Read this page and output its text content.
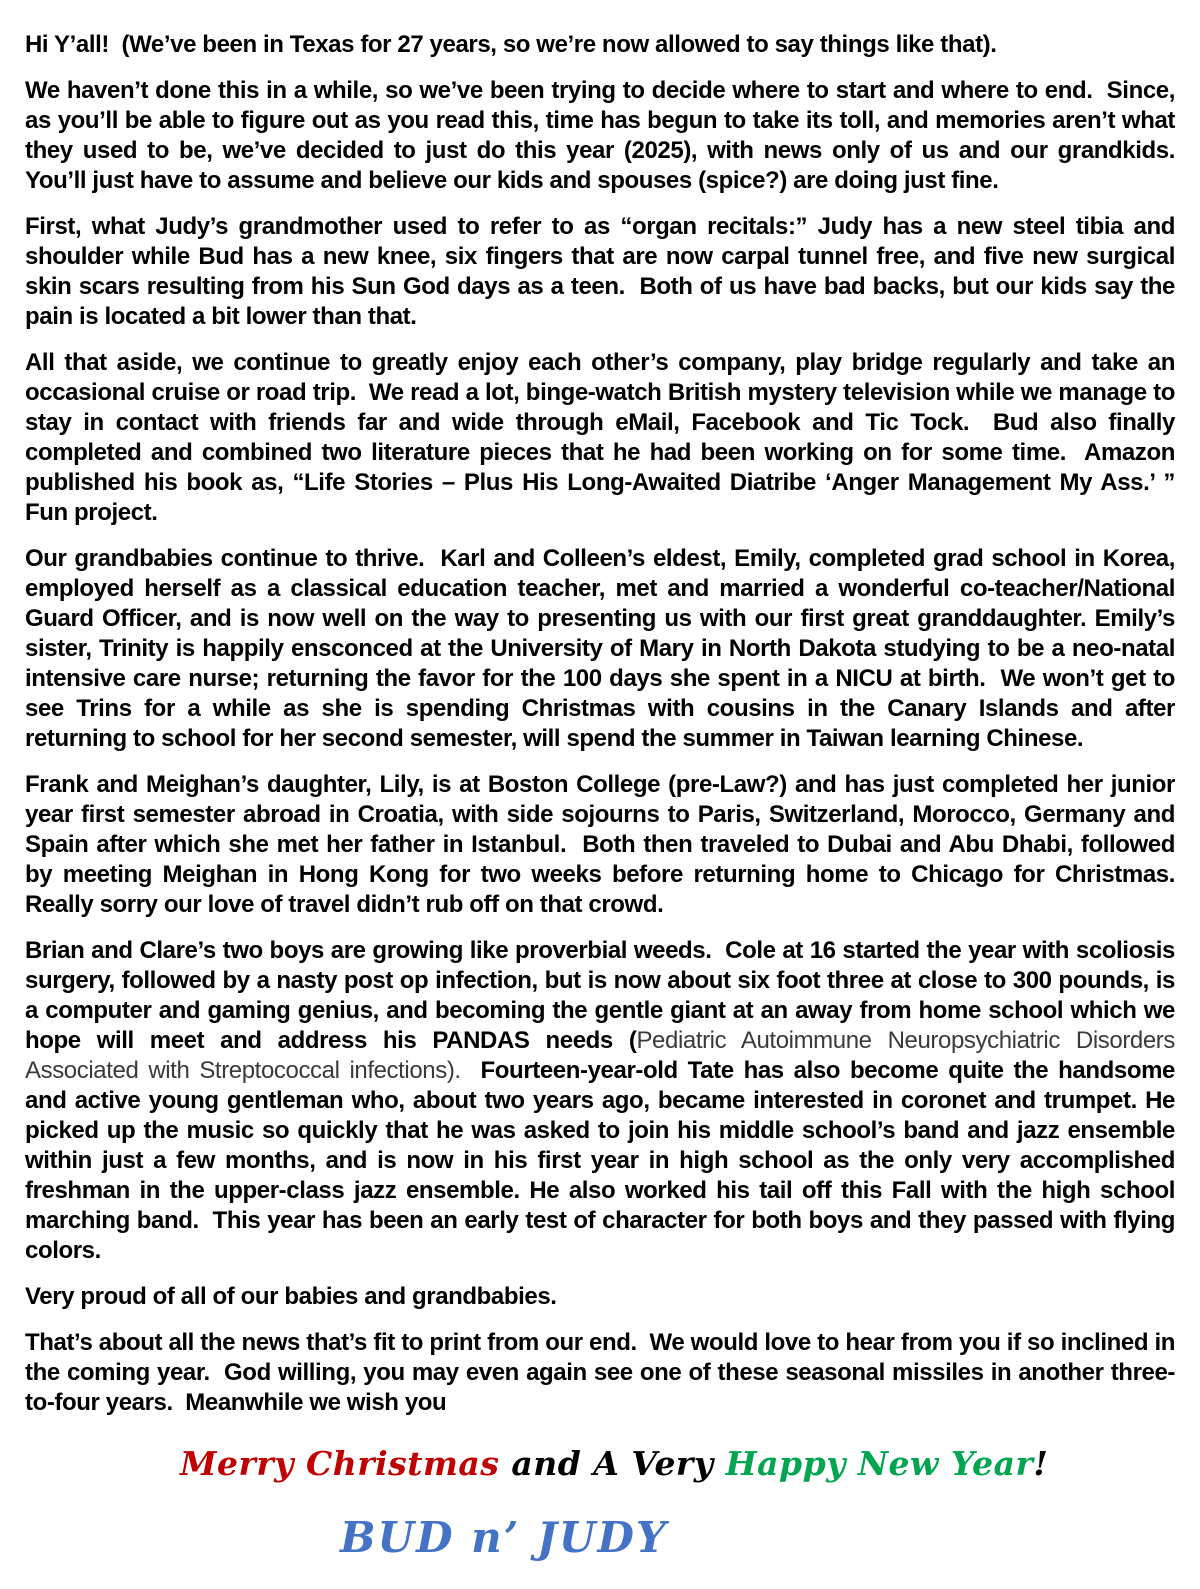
Hi Y’all!  (We’ve been in Texas for 27 years, so we’re now allowed to say things like that).

We haven’t done this in a while, so we’ve been trying to decide where to start and where to end.  Since, as you’ll be able to figure out as you read this, time has begun to take its toll, and memories aren’t what they used to be, we’ve decided to just do this year (2025), with news only of us and our grandkids.  You’ll just have to assume and believe our kids and spouses (spice?) are doing just fine.

First, what Judy’s grandmother used to refer to as “organ recitals:” Judy has a new steel tibia and shoulder while Bud has a new knee, six fingers that are now carpal tunnel free, and five new surgical skin scars resulting from his Sun God days as a teen.  Both of us have bad backs, but our kids say the pain is located a bit lower than that.

All that aside, we continue to greatly enjoy each other’s company, play bridge regularly and take an occasional cruise or road trip.  We read a lot, binge-watch British mystery television while we manage to stay in contact with friends far and wide through eMail, Facebook and Tic Tock.  Bud also finally completed and combined two literature pieces that he had been working on for some time.  Amazon published his book as, “Life Stories – Plus His Long-Awaited Diatribe ‘Anger Management My Ass.’ ”  Fun project.

Our grandbabies continue to thrive.  Karl and Colleen’s eldest, Emily, completed grad school in Korea, employed herself as a classical education teacher, met and married a wonderful co-teacher/National Guard Officer, and is now well on the way to presenting us with our first great granddaughter. Emily’s sister, Trinity is happily ensconced at the University of Mary in North Dakota studying to be a neo-natal intensive care nurse; returning the favor for the 100 days she spent in a NICU at birth.  We won’t get to see Trins for a while as she is spending Christmas with cousins in the Canary Islands and after returning to school for her second semester, will spend the summer in Taiwan learning Chinese.

Frank and Meighan’s daughter, Lily, is at Boston College (pre-Law?) and has just completed her junior year first semester abroad in Croatia, with side sojourns to Paris, Switzerland, Morocco, Germany and Spain after which she met her father in Istanbul.  Both then traveled to Dubai and Abu Dhabi, followed by meeting Meighan in Hong Kong for two weeks before returning home to Chicago for Christmas.  Really sorry our love of travel didn’t rub off on that crowd.

Brian and Clare’s two boys are growing like proverbial weeds.  Cole at 16 started the year with scoliosis surgery, followed by a nasty post op infection, but is now about six foot three at close to 300 pounds, is a computer and gaming genius, and becoming the gentle giant at an away from home school which we hope will meet and address his PANDAS needs (Pediatric Autoimmune Neuropsychiatric Disorders Associated with Streptococcal infections).  Fourteen-year-old Tate has also become quite the handsome and active young gentleman who, about two years ago, became interested in coronet and trumpet. He picked up the music so quickly that he was asked to join his middle school’s band and jazz ensemble within just a few months, and is now in his first year in high school as the only very accomplished freshman in the upper-class jazz ensemble. He also worked his tail off this Fall with the high school marching band.  This year has been an early test of character for both boys and they passed with flying colors.

Very proud of all of our babies and grandbabies.

That’s about all the news that’s fit to print from our end.  We would love to hear from you if so inclined in the coming year.  God willing, you may even again see one of these seasonal missiles in another three-to-four years.  Meanwhile we wish you

Merry Christmas and A Very Happy New Year!
BUD n’ JUDY
